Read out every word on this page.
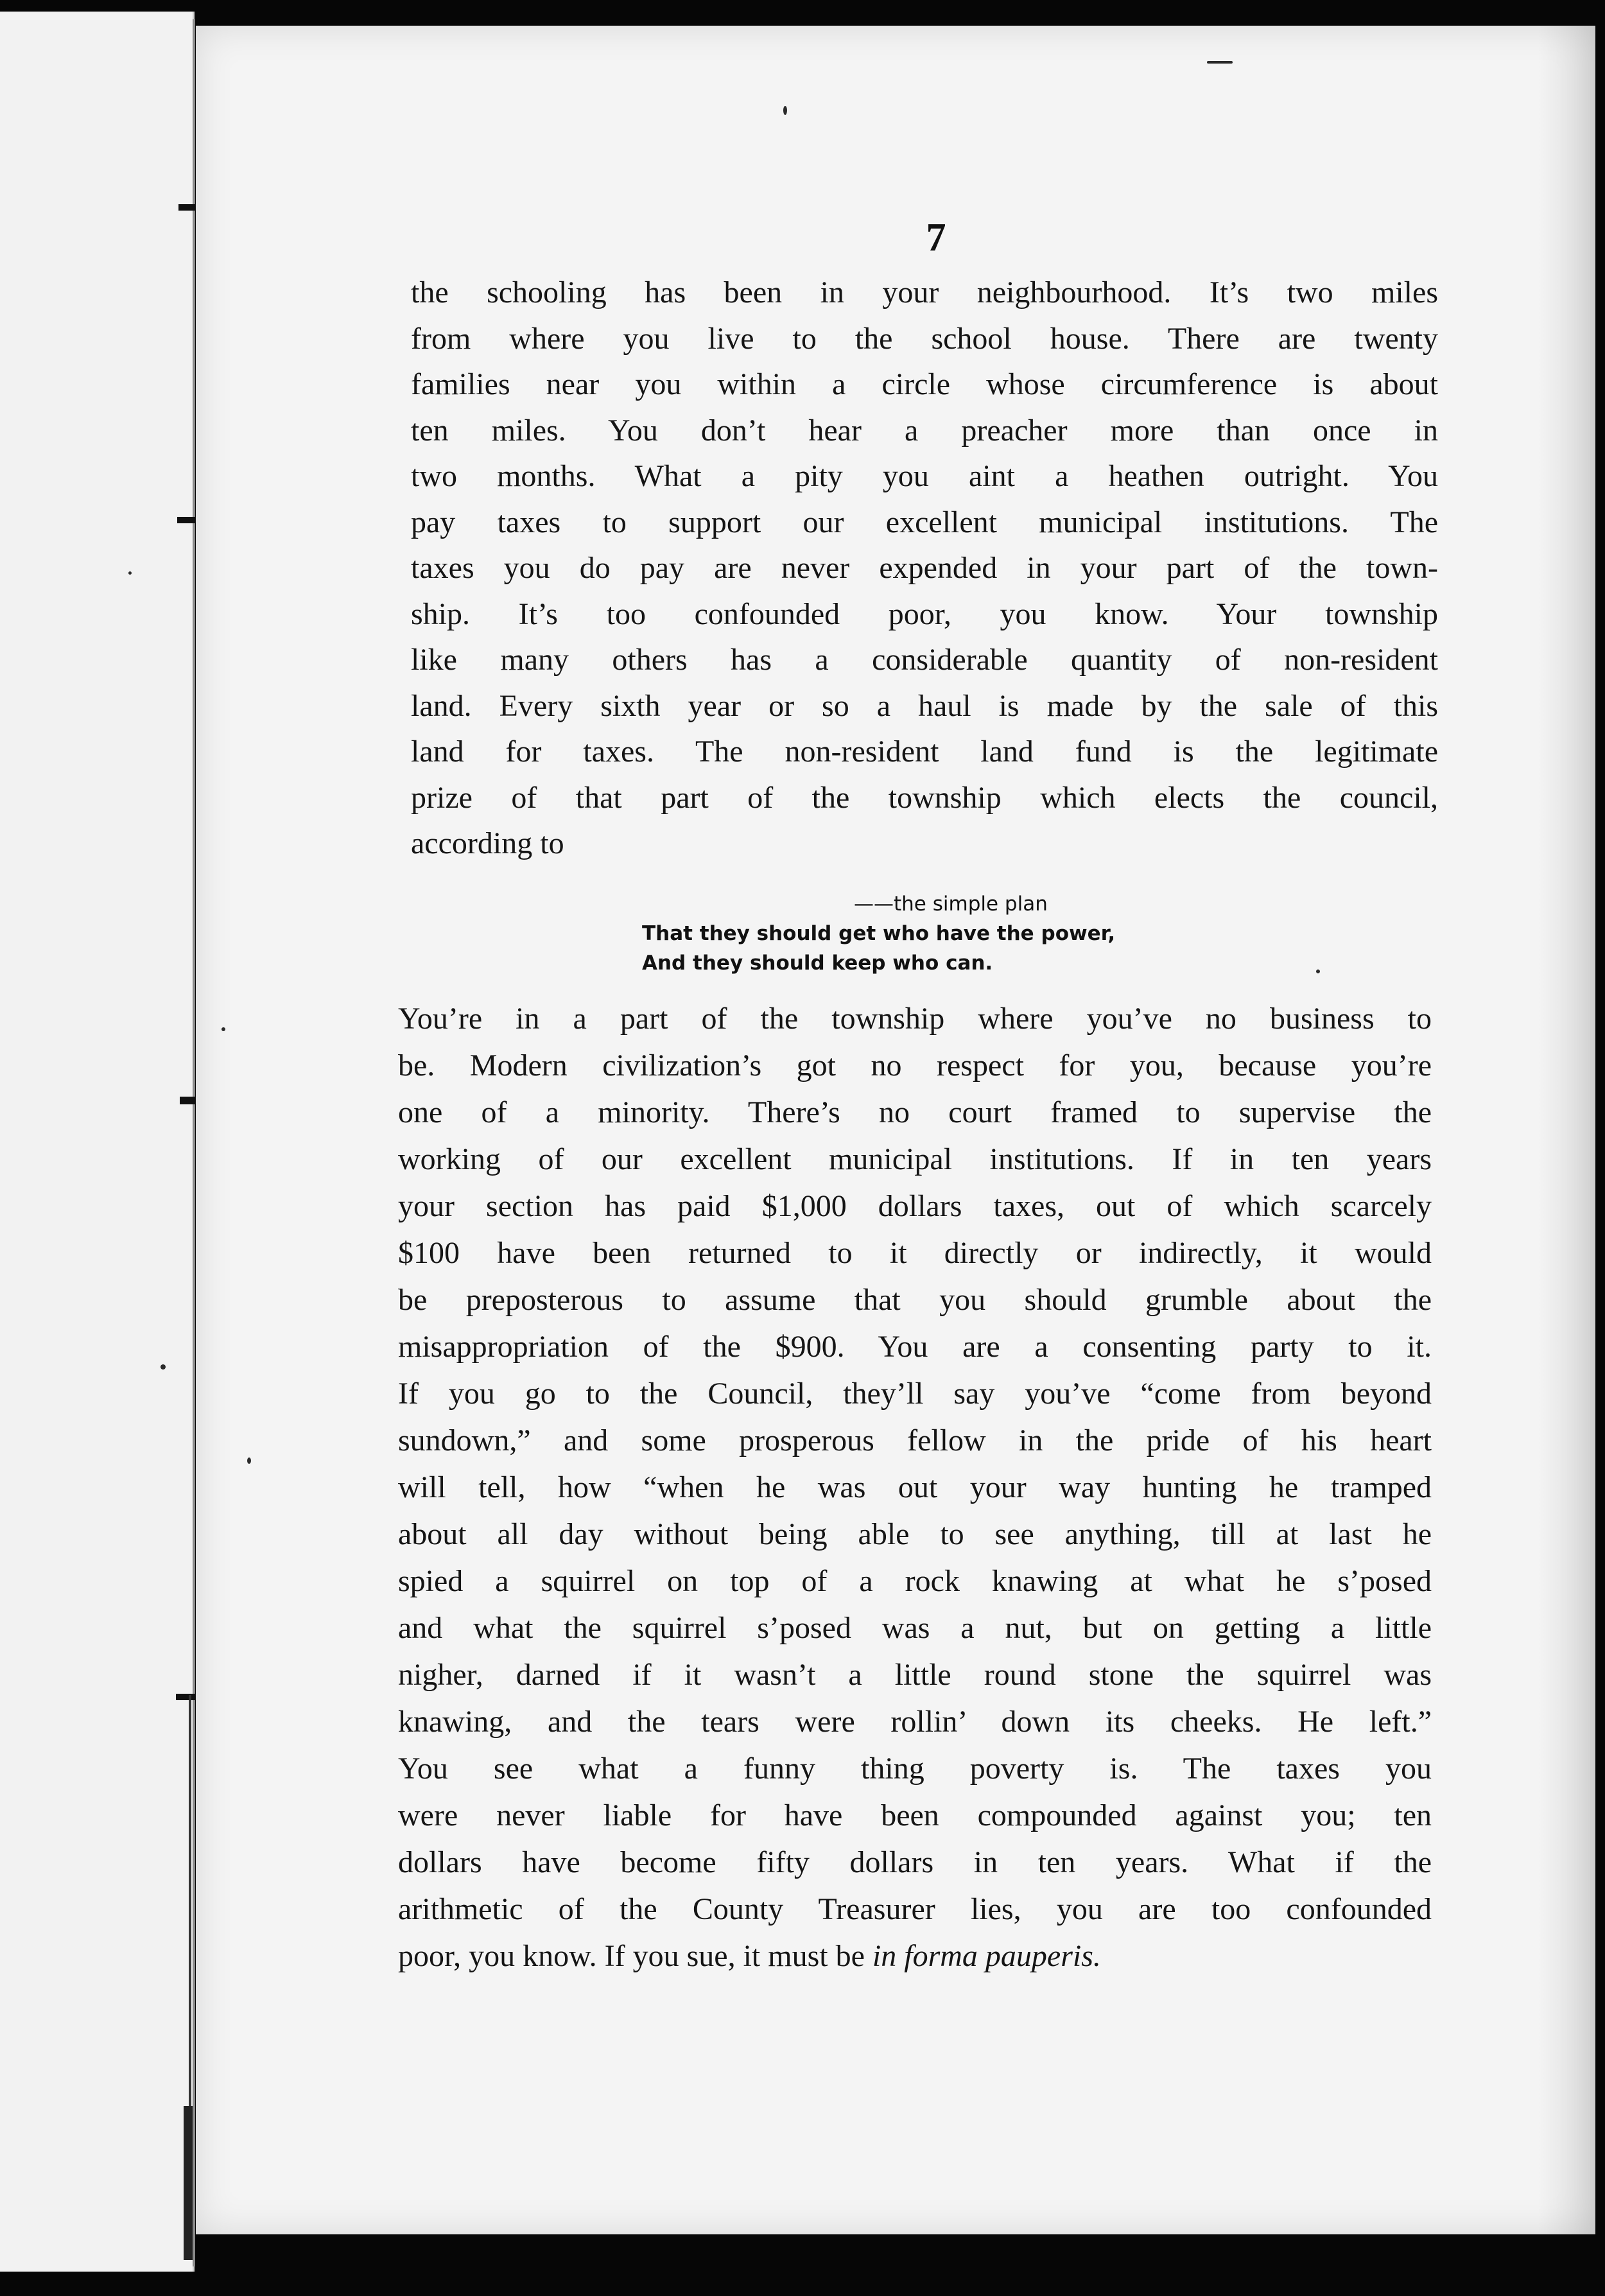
7
the schooling has been in your neighbourhood. It’s two miles
from where you live to the school house. There are twenty
families near you within a circle whose circumference is about
ten miles. You don’t hear a preacher more than once in
two months. What a pity you aint a heathen outright. You
pay taxes to support our excellent municipal institutions. The
taxes you do pay are never expended in your part of the town-
ship. It’s too confounded poor, you know. Your township
like many others has a considerable quantity of non-resident
land. Every sixth year or so a haul is made by the sale of this
land for taxes. The non-resident land fund is the legitimate
prize of that part of the township which elects the council,
according to
——the simple plan
That they should get who have the power,
And they should keep who can.
You’re in a part of the township where you’ve no business to
be. Modern civilization’s got no respect for you, because you’re
one of a minority. There’s no court framed to supervise the
working of our excellent municipal institutions. If in ten years
your section has paid $1,000 dollars taxes, out of which scarcely
$100 have been returned to it directly or indirectly, it would
be preposterous to assume that you should grumble about the
misappropriation of the $900. You are a consenting party to it.
If you go to the Council, they’ll say you’ve “come from beyond
sundown,” and some prosperous fellow in the pride of his heart
will tell, how “when he was out your way hunting he tramped
about all day without being able to see anything, till at last he
spied a squirrel on top of a rock knawing at what he s’posed
and what the squirrel s’posed was a nut, but on getting a little
nigher, darned if it wasn’t a little round stone the squirrel was
knawing, and the tears were rollin’ down its cheeks. He left.”
You see what a funny thing poverty is. The taxes you
were never liable for have been compounded against you; ten
dollars have become fifty dollars in ten years. What if the
arithmetic of the County Treasurer lies, you are too confounded
poor, you know. If you sue, it must be in forma pauperis.
